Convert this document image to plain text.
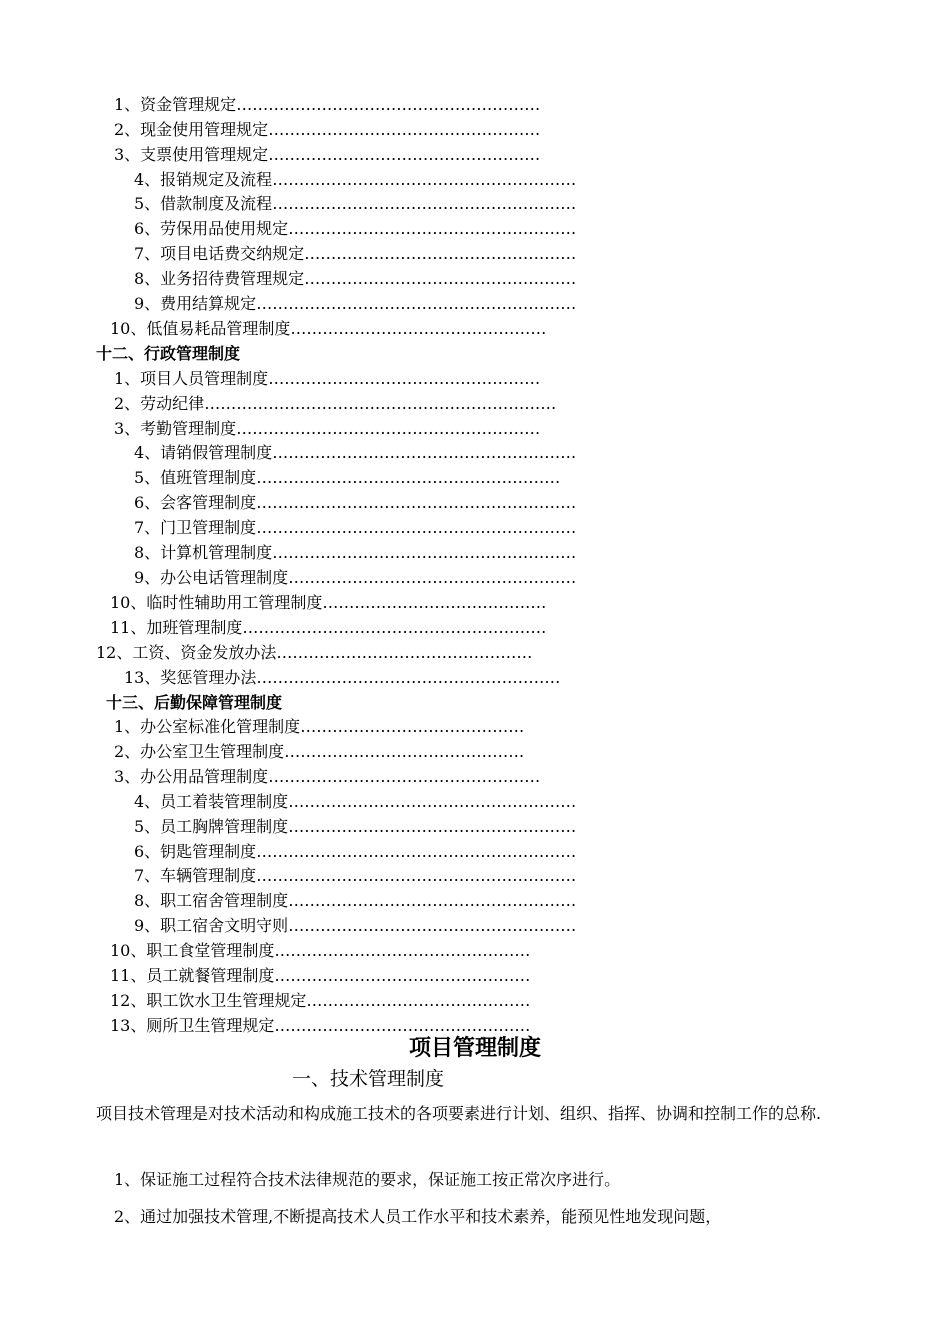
1、资金管理规定…………………………………………………
2、现金使用管理规定……………………………………………
3、支票使用管理规定……………………………………………
4、报销规定及流程…………………………………………………
5、借款制度及流程…………………………………………………
6、劳保用品使用规定………………………………………………
7、项目电话费交纳规定……………………………………………
8、业务招待费管理规定……………………………………………
9、费用结算规定……………………………………………………
10、低值易耗品管理制度…………………………………………
十二、行政管理制度
1、项目人员管理制度……………………………………………
2、劳动纪律…………………………………………………………
3、考勤管理制度…………………………………………………
4、请销假管理制度…………………………………………………
5、值班管理制度…………………………………………………
6、会客管理制度……………………………………………………
7、门卫管理制度……………………………………………………
8、计算机管理制度…………………………………………………
9、办公电话管理制度………………………………………………
10、临时性辅助用工管理制度……………………………………
11、加班管理制度…………………………………………………
12、工资、资金发放办法…………………………………………
13、奖惩管理办法…………………………………………………
十三、后勤保障管理制度
1、办公室标准化管理制度……………………………………
2、办公室卫生管理制度………………………………………
3、办公用品管理制度……………………………………………
4、员工着装管理制度………………………………………………
5、员工胸牌管理制度………………………………………………
6、钥匙管理制度……………………………………………………
7、车辆管理制度……………………………………………………
8、职工宿舍管理制度………………………………………………
9、职工宿舍文明守则………………………………………………
10、职工食堂管理制度…………………………………………
11、员工就餐管理制度…………………………………………
12、职工饮水卫生管理规定……………………………………
13、厕所卫生管理规定…………………………………………
项目管理制度
一、技术管理制度
项目技术管理是对技术活动和构成施工技术的各项要素进行计划、组织、指挥、协调和控制工作的总称.
1、保证施工过程符合技术法律规范的要求，保证施工按正常次序进行。
2、通过加强技术管理,不断提高技术人员工作水平和技术素养，能预见性地发现问题，
